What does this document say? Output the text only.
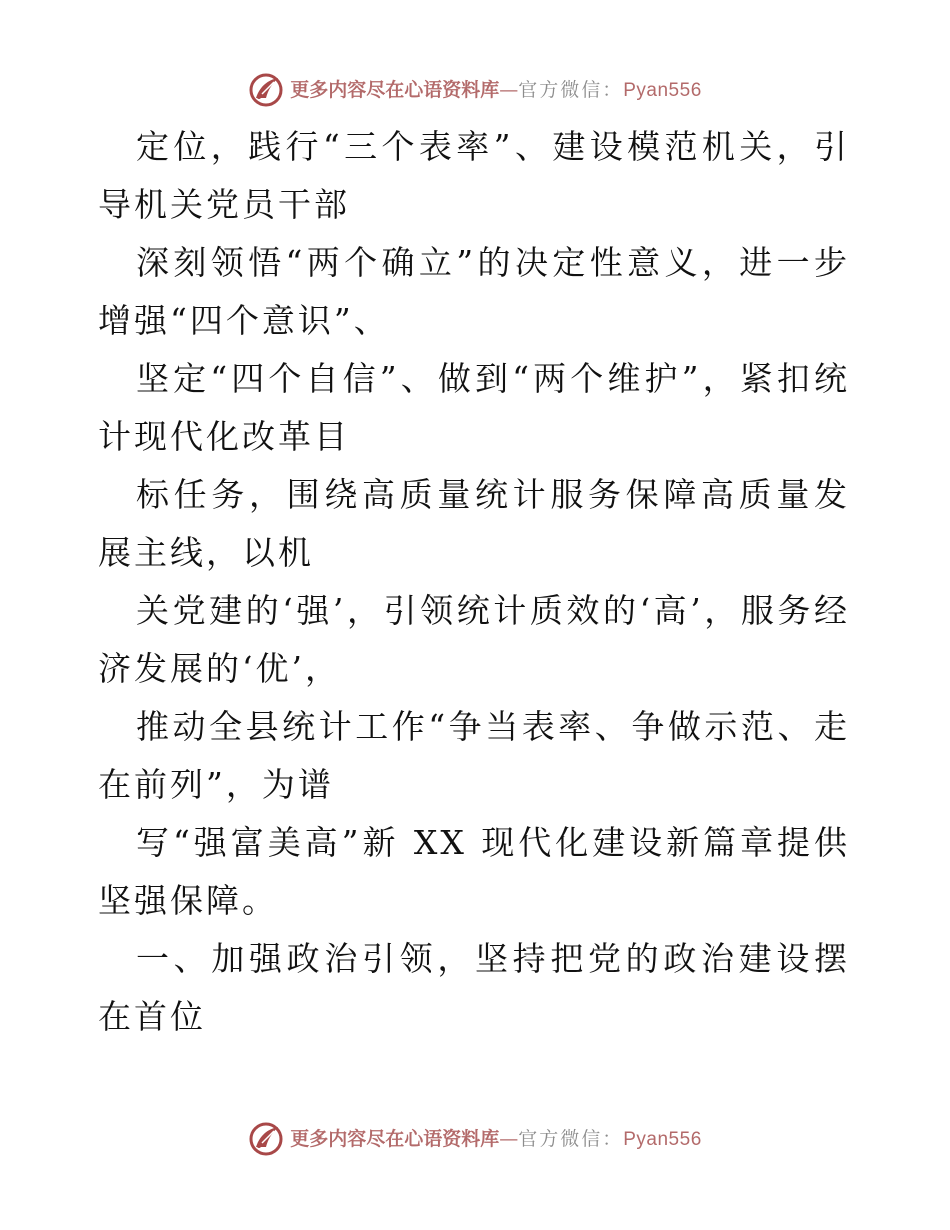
更多内容尽在心语资料库 — 官方微信： Pyan556

定位，践行“三个表率”、建设模范机关，引导机关党员干部

深刻领悟“两个确立”的决定性意义，进一步增强“四个意识”、

坚定“四个自信”、做到“两个维护”，紧扣统计现代化改革目

标任务，围绕高质量统计服务保障高质量发展主线，以机

关党建的‘强’，引领统计质效的‘高’，服务经济发展的‘优’，

推动全县统计工作“争当表率、争做示范、走在前列”，为谱

写“强富美高”新 XX 现代化建设新篇章提供坚强保障。

一、加强政治引领，坚持把党的政治建设摆在首位

更多内容尽在心语资料库 — 官方微信： Pyan556
